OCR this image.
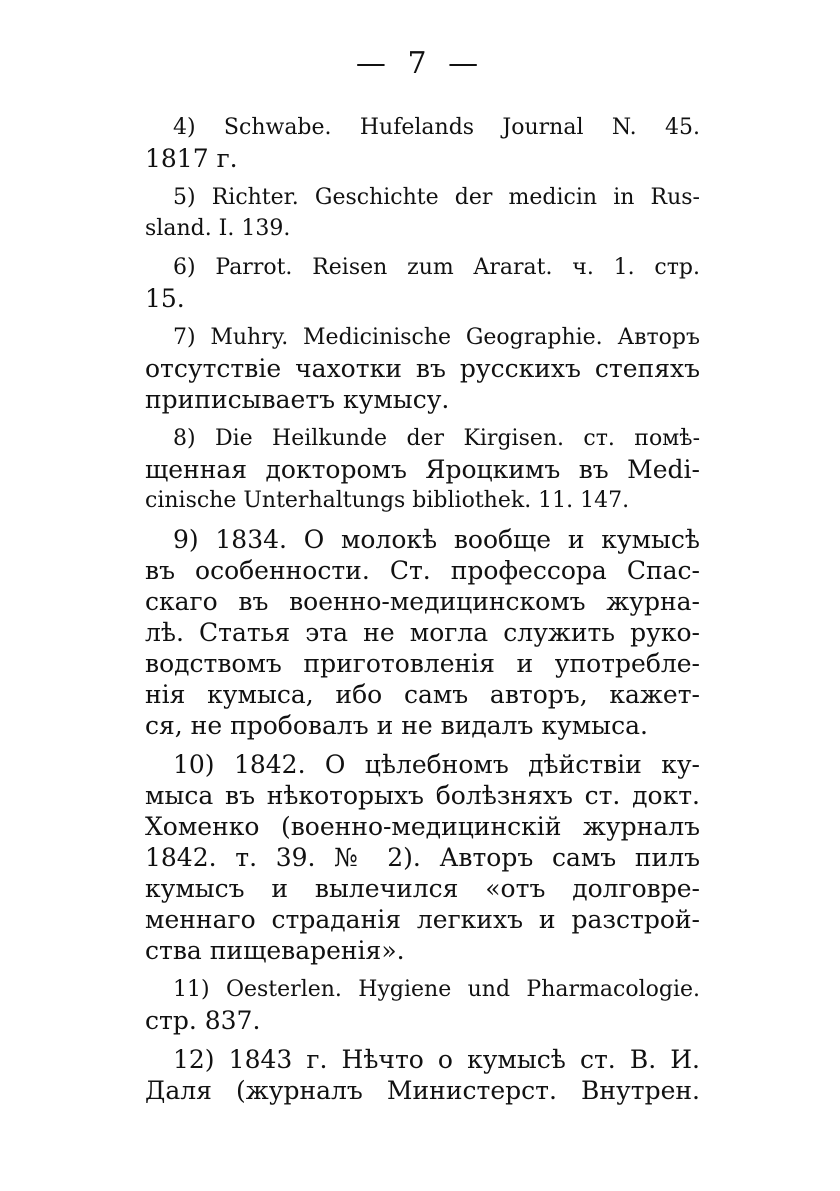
— 7 —
4) Schwabe. Hufelands Journal N. 45.
1817 г.
5) Richter. Geschichte der medicin in Rus-
sland. I. 139.
6) Parrot. Reisen zum Ararat. ч. 1. стр.
15.
7) Muhry. Medicinische Geographie. Авторъ
отсутствіе чахотки въ русскихъ степяхъ
приписываетъ кумысу.
8) Die Heilkunde der Kirgisen. ст. помѣ-
щенная докторомъ Яроцкимъ въ Medi-
cinische Unterhaltungs bibliothek. 11. 147.
9) 1834. О молокѣ вообще и кумысѣ
въ особенности. Ст. профессора Спас-
скаго въ военно-медицинскомъ журна-
лѣ. Статья эта не могла служить руко-
водствомъ приготовленія и употребле-
нія кумыса, ибо самъ авторъ, кажет-
ся, не пробовалъ и не видалъ кумыса.
10) 1842. О цѣлебномъ дѣйствіи ку-
мыса въ нѣкоторыхъ болѣзняхъ ст. докт.
Хоменко (военно-медицинскій журналъ
1842. т. 39. № 2). Авторъ самъ пилъ
кумысъ и вылечился «отъ долговре-
меннаго страданія легкихъ и разстрой-
ства пищеваренія».
11) Oesterlen. Hygiene und Pharmacologie.
стр. 837.
12) 1843 г. Нѣчто о кумысѣ ст. В. И.
Даля (журналъ Министерст. Внутрен.
